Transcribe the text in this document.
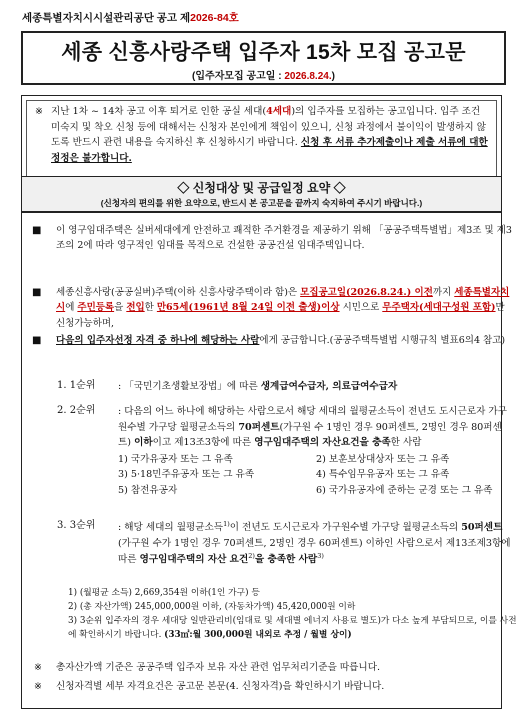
세종특별자치시시설관리공단 공고 제2026-84호
세종 신흥사랑주택 입주자 15차 모집 공고문
(입주자모집 공고일 : 2026.8.24.)
※ 지난 1차 ~ 14차 공고 이후 퇴거로 인한 공실 세대(4세대)의 입주자를 모집하는 공고입니다. 입주 조건 미숙지 및 착오 신청 등에 대해서는 신청자 본인에게 책임이 있으니, 신청 과정에서 불이익이 발생하지 않도록 반드시 관련 내용을 숙지하신 후 신청하시기 바랍니다. 신청 후 서류 추가제출이나 제출 서류에 대한 정정은 불가합니다.
◇ 신청대상 및 공급일정 요약 ◇
(신청자의 편의를 위한 요약으로, 반드시 본 공고문을 끝까지 숙지하여 주시기 바랍니다.)
■ 이 영구임대주택은 실버세대에게 안전하고 쾌적한 주거환경을 제공하기 위해 「공공주택특별법」제3조 및 제3조의 2에 따라 영구적인 임대를 목적으로 건설한 공공건설 임대주택입니다.
■ 세종신흥사랑(공공실버)주택(이하 신흥사랑주택이라 함)은 모집공고일(2026.8.24.) 이전까지 세종특별자치시에 주민등록을 전입한 만65세(1961년 8월 24일 이전 출생)이상 시민으로 무주택자(세대구성원 포함)만 신청가능하며,
■ 다음의 입주자선정 자격 중 하나에 해당하는 사람에게 공급합니다.(공공주택특별법 시행규칙 별표6의4 참고)
1. 1순위 : 「국민기초생활보장법」에 따른 생계급여수급자, 의료급여수급자
2. 2순위 : 다음의 어느 하나에 해당하는 사람으로서 해당 세대의 월평균소득이 전년도 도시근로자 가구원수별 가구당 월평균소득의 70퍼센트(가구원 수 1명인 경우 90퍼센트, 2명인 경우 80퍼센트) 이하이고 제13조3항에 따른 영구임대주택의 자산요건을 충족한 사람
1) 국가유공자 또는 그 유족	2) 보훈보상대상자 또는 그 유족
3) 5·18민주유공자 또는 그 유족	4) 특수임무유공자 또는 그 유족
5) 참전유공자	6) 국가유공자에 준하는 군경 또는 그 유족
3. 3순위 : 해당 세대의 월평균소득$^{1)}$이 전년도 도시근로자 가구원수별 가구당 월평균소득의 50퍼센트(가구원 수가 1명인 경우 70퍼센트, 2명인 경우 60퍼센트) 이하인 사람으로서 제13조제3항에 따른 영구임대주택의 자산 요건$^{2)}$을 충족한 사람$^{3)}$
1) (월평균 소득) 2,669,354원 이하(1인 가구) 등
2) (총 자산가액) 245,000,000원 이하, (자동차가액) 45,420,000원 이하
3) 3순위 입주자의 경우 세대당 일반관리비(임대료 및 세대별 에너지 사용료 별도)가 다소 높게 부담되므로, 이를 사전에 확인하시기 바랍니다. (33㎡:월 300,000원 내외로 추정 / 월별 상이)
※ 총자산가액 기준은 공공주택 입주자 보유 자산 관련 업무처리기준을 따릅니다.
※ 신청자격별 세부 자격요건은 공고문 본문(4. 신청자격)을 확인하시기 바랍니다.
